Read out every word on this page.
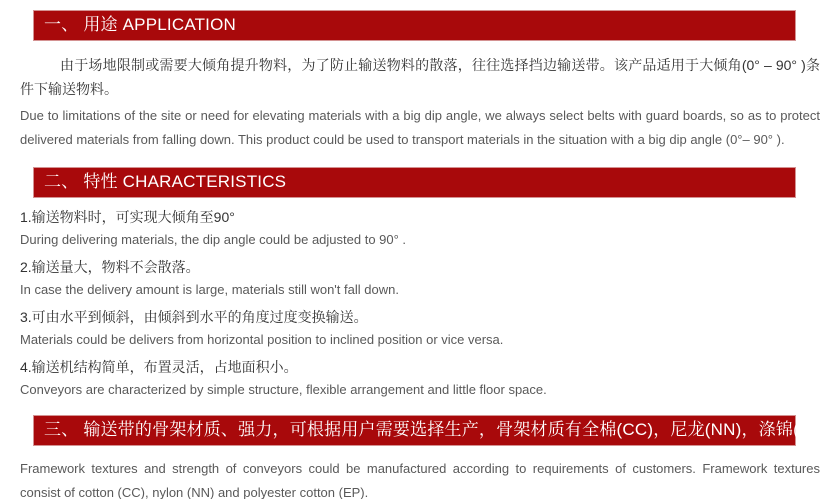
一、 用途 APPLICATION

由于场地限制或需要大倾角提升物料，为了防止输送物料的散落，往往选择挡边输送带。该产品适用于大倾角(0° – 90° )条件下输送物料。

Due to limitations of the site or need for elevating materials with a big dip angle, we always select belts with guard boards, so as to protect delivered materials from falling down. This product could be used to transport materials in the situation with a big dip angle (0°– 90° ).

二、 特性 CHARACTERISTICS

1.输送物料时，可实现大倾角至90°

During delivering materials, the dip angle could be adjusted to 90° .

2.输送量大，物料不会散落。

In case the delivery amount is large, materials still won't fall down.

3.可由水平到倾斜，由倾斜到水平的角度过度变换输送。

Materials could be delivers from horizontal position to inclined position or vice versa.

4.输送机结构简单，布置灵活，占地面积小。

Conveyors are characterized by simple structure, flexible arrangement and little floor space.

三、 输送带的骨架材质、强力，可根据用户需要选择生产，骨架材质有全棉(CC)，尼龙(NN)，涤锦(EP)

Framework textures and strength of conveyors could be manufactured according to requirements of customers. Framework textures consist of cotton (CC), nylon (NN) and polyester cotton (EP).
